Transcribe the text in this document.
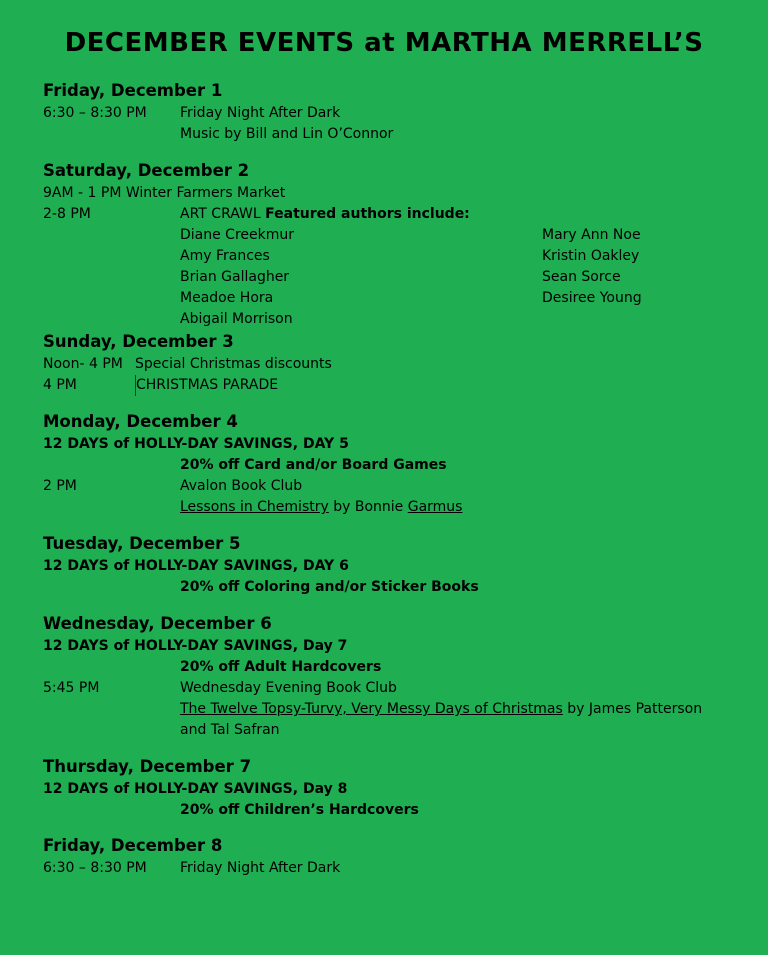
DECEMBER EVENTS at MARTHA MERRELL’S
Friday, December 1
6:30 – 8:30 PM Friday Night After Dark
Music by Bill and Lin O’Connor
Saturday, December 2
9AM - 1 PM Winter Farmers Market
2-8 PM	ART CRAWL Featured authors include:
Diane Creekmur	Mary Ann Noe
Amy Frances	Kristin Oakley
Brian Gallagher	Sean Sorce
Meadoe Hora	Desiree Young
Abigail Morrison
Sunday, December 3
Noon- 4 PM Special Christmas discounts
4 PM	CHRISTMAS PARADE
Monday, December 4
12 DAYS of HOLLY-DAY SAVINGS, DAY 5
20% off Card and/or Board Games
2 PM	Avalon Book Club
Lessons in Chemistry by Bonnie Garmus
Tuesday, December 5
12 DAYS of HOLLY-DAY SAVINGS, DAY 6
20% off Coloring and/or Sticker Books
Wednesday, December 6
12 DAYS of HOLLY-DAY SAVINGS, Day 7
20% off Adult Hardcovers
5:45 PM	Wednesday Evening Book Club
The Twelve Topsy-Turvy, Very Messy Days of Christmas by James Patterson
and Tal Safran
Thursday, December 7
12 DAYS of HOLLY-DAY SAVINGS, Day 8
20% off Children’s Hardcovers
Friday, December 8
6:30 – 8:30 PM Friday Night After Dark
